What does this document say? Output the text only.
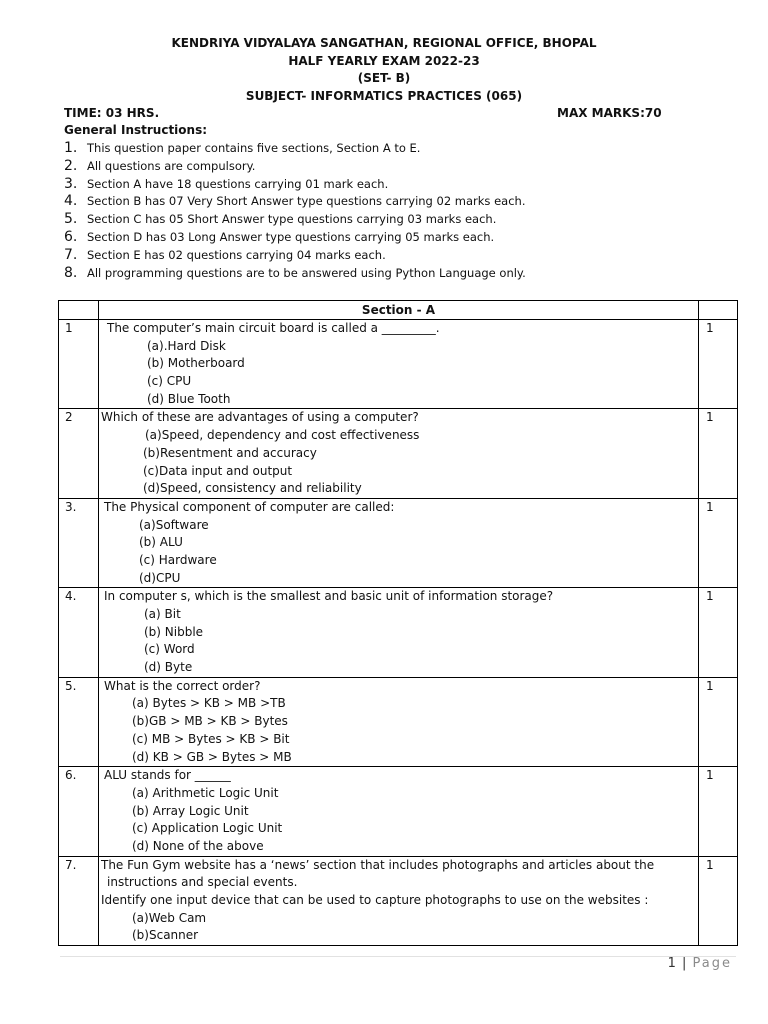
KENDRIYA VIDYALAYA SANGATHAN, REGIONAL OFFICE, BHOPAL
HALF YEARLY EXAM 2022-23
(SET- B)
SUBJECT- INFORMATICS PRACTICES (065)
TIME: 03 HRS.	MAX MARKS:70
General Instructions:
1. This question paper contains five sections, Section A to E.
2. All questions are compulsory.
3. Section A have 18 questions carrying 01 mark each.
4. Section B has 07 Very Short Answer type questions carrying 02 marks each.
5. Section C has 05 Short Answer type questions carrying 03 marks each.
6. Section D has 03 Long Answer type questions carrying 05 marks each.
7. Section E has 02 questions carrying 04 marks each.
8. All programming questions are to be answered using Python Language only.
	Section - A	

1	The computer’s main circuit board is called a _________.
(a).Hard Disk
(b) Motherboard
(c) CPU
(d) Blue Tooth	1

2	Which of these are advantages of using a computer?
(a)Speed, dependency and cost effectiveness
(b)Resentment and accuracy
(c)Data input and output
(d)Speed, consistency and reliability	1

3.	The Physical component of computer are called:
(a)Software
(b) ALU
(c) Hardware
(d)CPU	1

4.	In computer s, which is the smallest and basic unit of information storage?
(a) Bit
(b) Nibble
(c) Word
(d) Byte	1

5.	What is the correct order?
(a) Bytes > KB > MB >TB
(b)GB > MB > KB > Bytes
(c) MB > Bytes > KB > Bit
(d) KB > GB > Bytes > MB	1

6.	ALU stands for ______
(a) Arithmetic Logic Unit
(b) Array Logic Unit
(c) Application Logic Unit
(d) None of the above	1

7.	The Fun Gym website has a ‘news’ section that includes photographs and articles about the
instructions and special events.
Identify one input device that can be used to capture photographs to use on the websites :
(a)Web Cam
(b)Scanner	1
1 | Page
